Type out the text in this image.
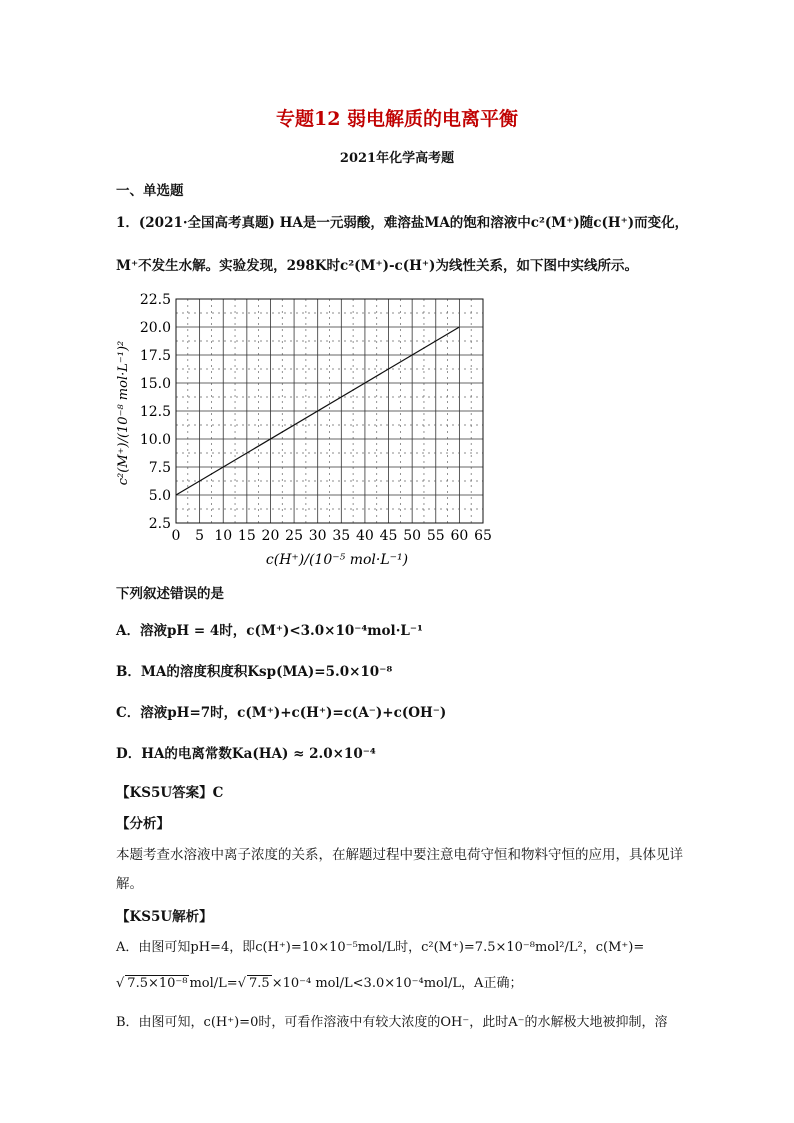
专题12 弱电解质的电离平衡
2021年化学高考题
一、单选题
1．(2021·全国高考真题) HA是一元弱酸，难溶盐MA的饱和溶液中c²(M⁺)随c(H⁺)而变化，
M⁺不发生水解。实验发现，298K时c²(M⁺)-c(H⁺)为线性关系，如下图中实线所示。
0 5 10 15 20 25 30 35 40 45 50 55 60 65
2.5
5.0
7.5
10.0
12.5
15.0
17.5
20.0
22.5
c(H⁺)/(10⁻⁵ mol·L⁻¹)
c²(M⁺)/(10⁻⁸ mol·L⁻¹)²
下列叙述错误的是
A．溶液pH = 4时，c(M⁺)<3.0×10⁻⁴mol·L⁻¹
B．MA的溶度积度积Ksp(MA)=5.0×10⁻⁸
C．溶液pH=7时，c(M⁺)+c(H⁺)=c(A⁻)+c(OH⁻)
D．HA的电离常数Ka(HA) ≈ 2.0×10⁻⁴
【KS5U答案】C
【分析】
本题考查水溶液中离子浓度的关系，在解题过程中要注意电荷守恒和物料守恒的应用，具体见详解。
【KS5U解析】
A．由图可知pH=4，即c(H⁺)=10×10⁻⁵mol/L时，c²(M⁺)=7.5×10⁻⁸mol²/L²，c(M⁺)=
√ 7.5×10⁻⁸ mol/L=√ 7.5 ×10⁻⁴ mol/L<3.0×10⁻⁴mol/L，A正确；
B．由图可知，c(H⁺)=0时，可看作溶液中有较大浓度的OH⁻，此时A⁻的水解极大地被抑制，溶
